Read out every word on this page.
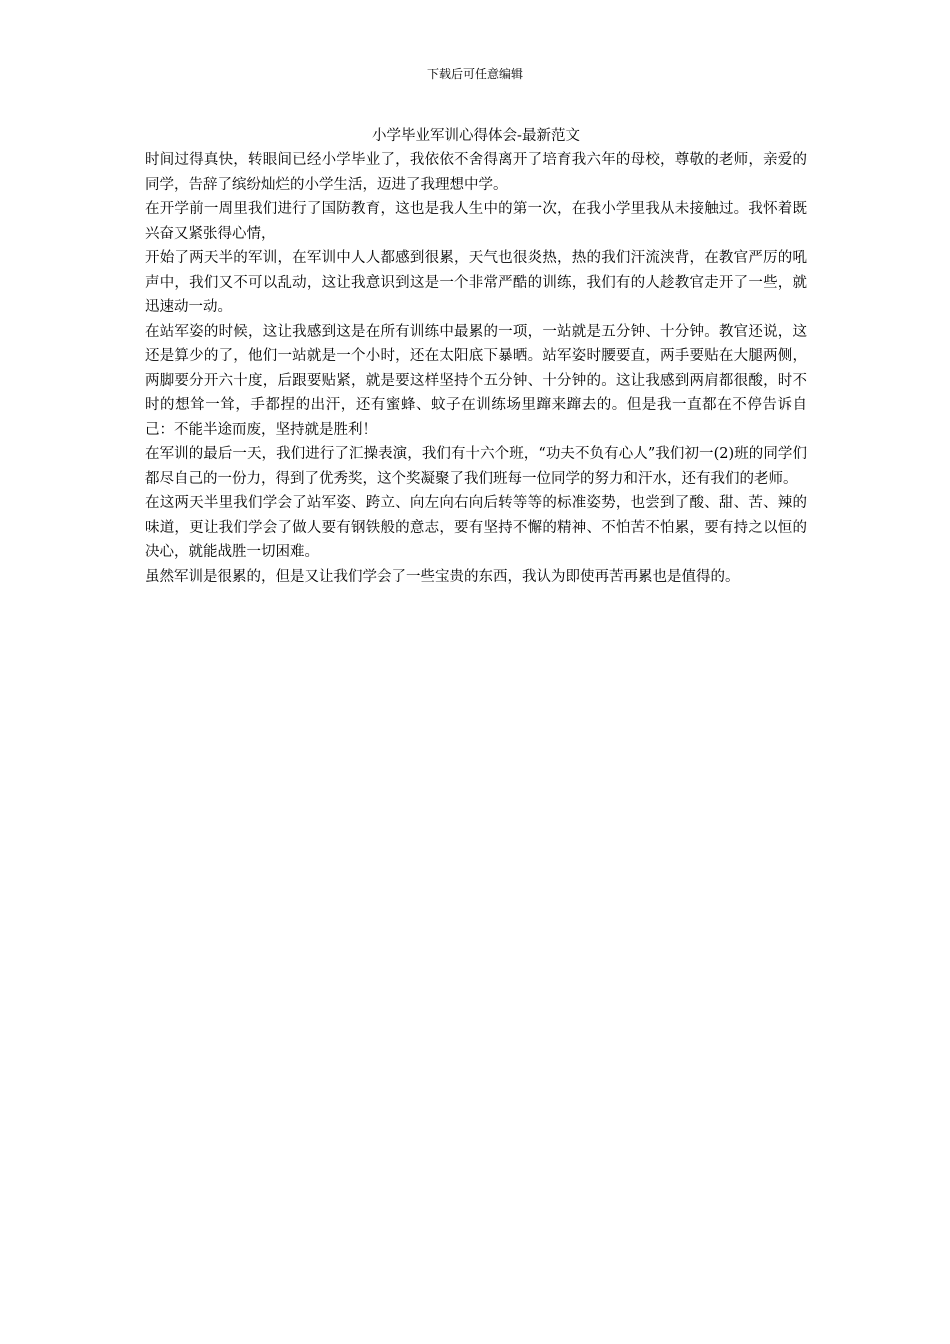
下载后可任意编辑
小学毕业军训心得体会-最新范文

时间过得真快，转眼间已经小学毕业了，我依依不舍得离开了培育我六年的母校，尊敬的老师，亲爱的同学，告辞了缤纷灿烂的小学生活，迈进了我理想中学。

在开学前一周里我们进行了国防教育，这也是我人生中的第一次，在我小学里我从未接触过。我怀着既兴奋又紧张得心情，

开始了两天半的军训，在军训中人人都感到很累，天气也很炎热，热的我们汗流浃背，在教官严厉的吼声中，我们又不可以乱动，这让我意识到这是一个非常严酷的训练，我们有的人趁教官走开了一些，就迅速动一动。

在站军姿的时候，这让我感到这是在所有训练中最累的一项，一站就是五分钟、十分钟。教官还说，这还是算少的了，他们一站就是一个小时，还在太阳底下暴晒。站军姿时腰要直，两手要贴在大腿两侧，两脚要分开六十度，后跟要贴紧，就是要这样坚持个五分钟、十分钟的。这让我感到两肩都很酸，时不时的想耸一耸，手都捏的出汗，还有蜜蜂、蚊子在训练场里蹿来蹿去的。但是我一直都在不停告诉自己：不能半途而废，坚持就是胜利！

在军训的最后一天，我们进行了汇操表演，我们有十六个班，“功夫不负有心人”我们初一(2)班的同学们都尽自己的一份力，得到了优秀奖，这个奖凝聚了我们班每一位同学的努力和汗水，还有我们的老师。

在这两天半里我们学会了站军姿、跨立、向左向右向后转等等的标准姿势，也尝到了酸、甜、苦、辣的味道，更让我们学会了做人要有钢铁般的意志，要有坚持不懈的精神、不怕苦不怕累，要有持之以恒的决心，就能战胜一切困难。

虽然军训是很累的，但是又让我们学会了一些宝贵的东西，我认为即使再苦再累也是值得的。
